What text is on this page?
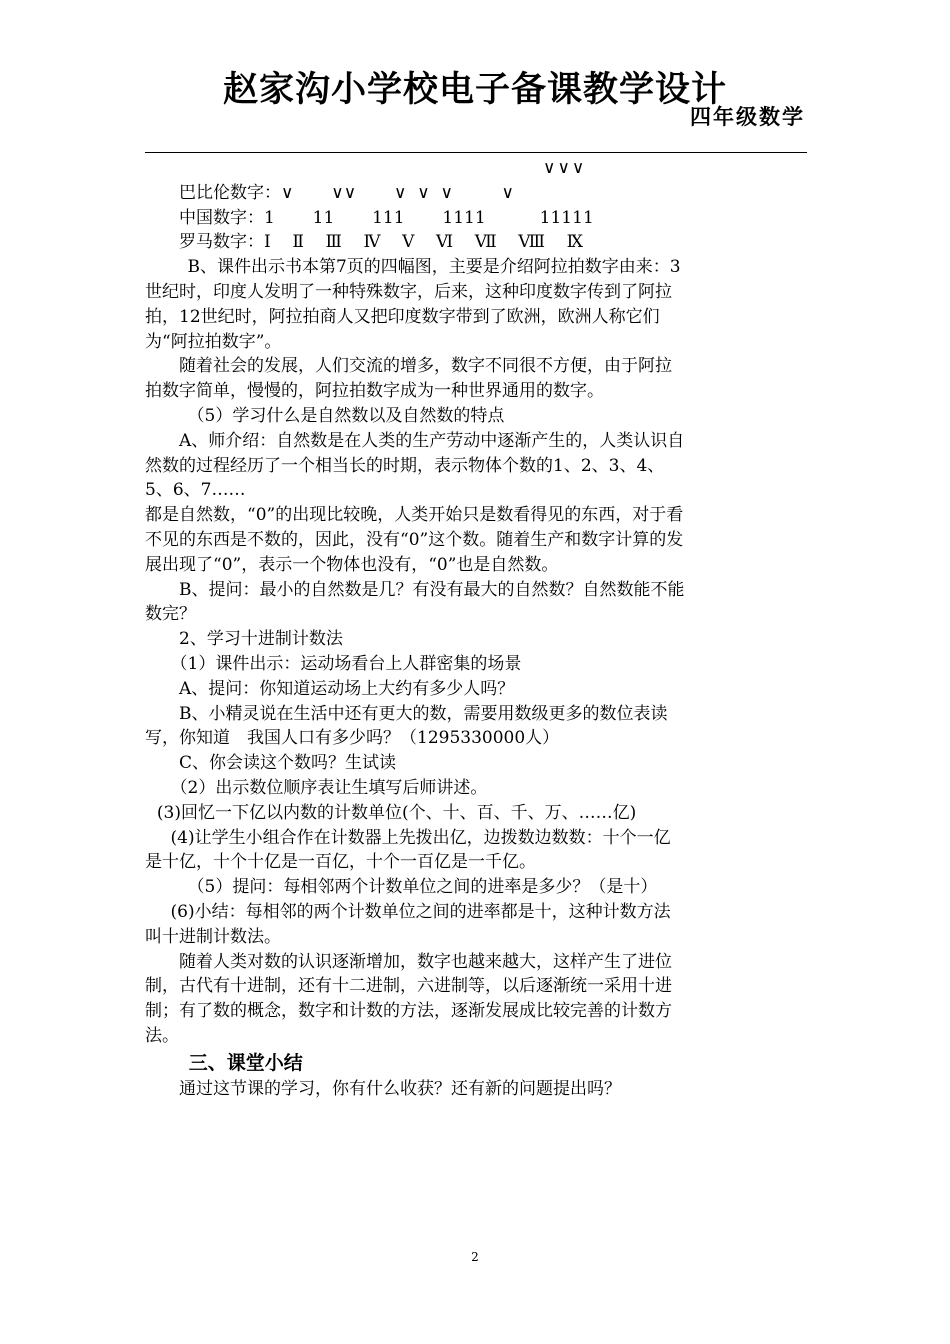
赵家沟小学校电子备课教学设计
四年级数学

∨∨∨

巴比伦数字：∨       ∨∨       ∨  ∨  ∨         ∨

中国数字：1       11       111       1111          11111

罗马数字：Ⅰ    Ⅱ    Ⅲ    Ⅳ    Ⅴ    Ⅵ    Ⅶ    Ⅷ    Ⅸ

B、课件出示书本第7页的四幅图，主要是介绍阿拉拍数字由来：3世纪时，印度人发明了一种特殊数字，后来，这种印度数字传到了阿拉拍，12世纪时，阿拉拍商人又把印度数字带到了欧洲，欧洲人称它们为“阿拉拍数字”。

随着社会的发展，人们交流的增多，数字不同很不方便，由于阿拉拍数字简单，慢慢的，阿拉拍数字成为一种世界通用的数字。

（5）学习什么是自然数以及自然数的特点

A、师介绍：自然数是在人类的生产劳动中逐渐产生的，人类认识自然数的过程经历了一个相当长的时期，表示物体个数的1、2、3、4、5、6、7……

都是自然数，“0”的出现比较晚，人类开始只是数看得见的东西，对于看不见的东西是不数的，因此，没有“0”这个数。随着生产和数字计算的发展出现了“0”，表示一个物体也没有，“0”也是自然数。

B、提问：最小的自然数是几？有没有最大的自然数？自然数能不能数完？

2、学习十进制计数法

（1）课件出示：运动场看台上人群密集的场景

A、提问：你知道运动场上大约有多少人吗？

B、小精灵说在生活中还有更大的数，需要用数级更多的数位表读写，你知道　我国人口有多少吗？（1295330000人）

C、你会读这个数吗？生试读

（2）出示数位顺序表让生填写后师讲述。

(3)回忆一下亿以内数的计数单位(个、十、百、千、万、……亿)

(4)让学生小组合作在计数器上先拨出亿，边拨数边数数：十个一亿是十亿，十个十亿是一百亿，十个一百亿是一千亿。

（5）提问：每相邻两个计数单位之间的进率是多少？（是十）

(6)小结：每相邻的两个计数单位之间的进率都是十，这种计数方法叫十进制计数法。

随着人类对数的认识逐渐增加，数字也越来越大，这样产生了进位制，古代有十进制，还有十二进制，六进制等，以后逐渐统一采用十进制；有了数的概念，数字和计数的方法，逐渐发展成比较完善的计数方法。

三、课堂小结

通过这节课的学习，你有什么收获？还有新的问题提出吗？

2
